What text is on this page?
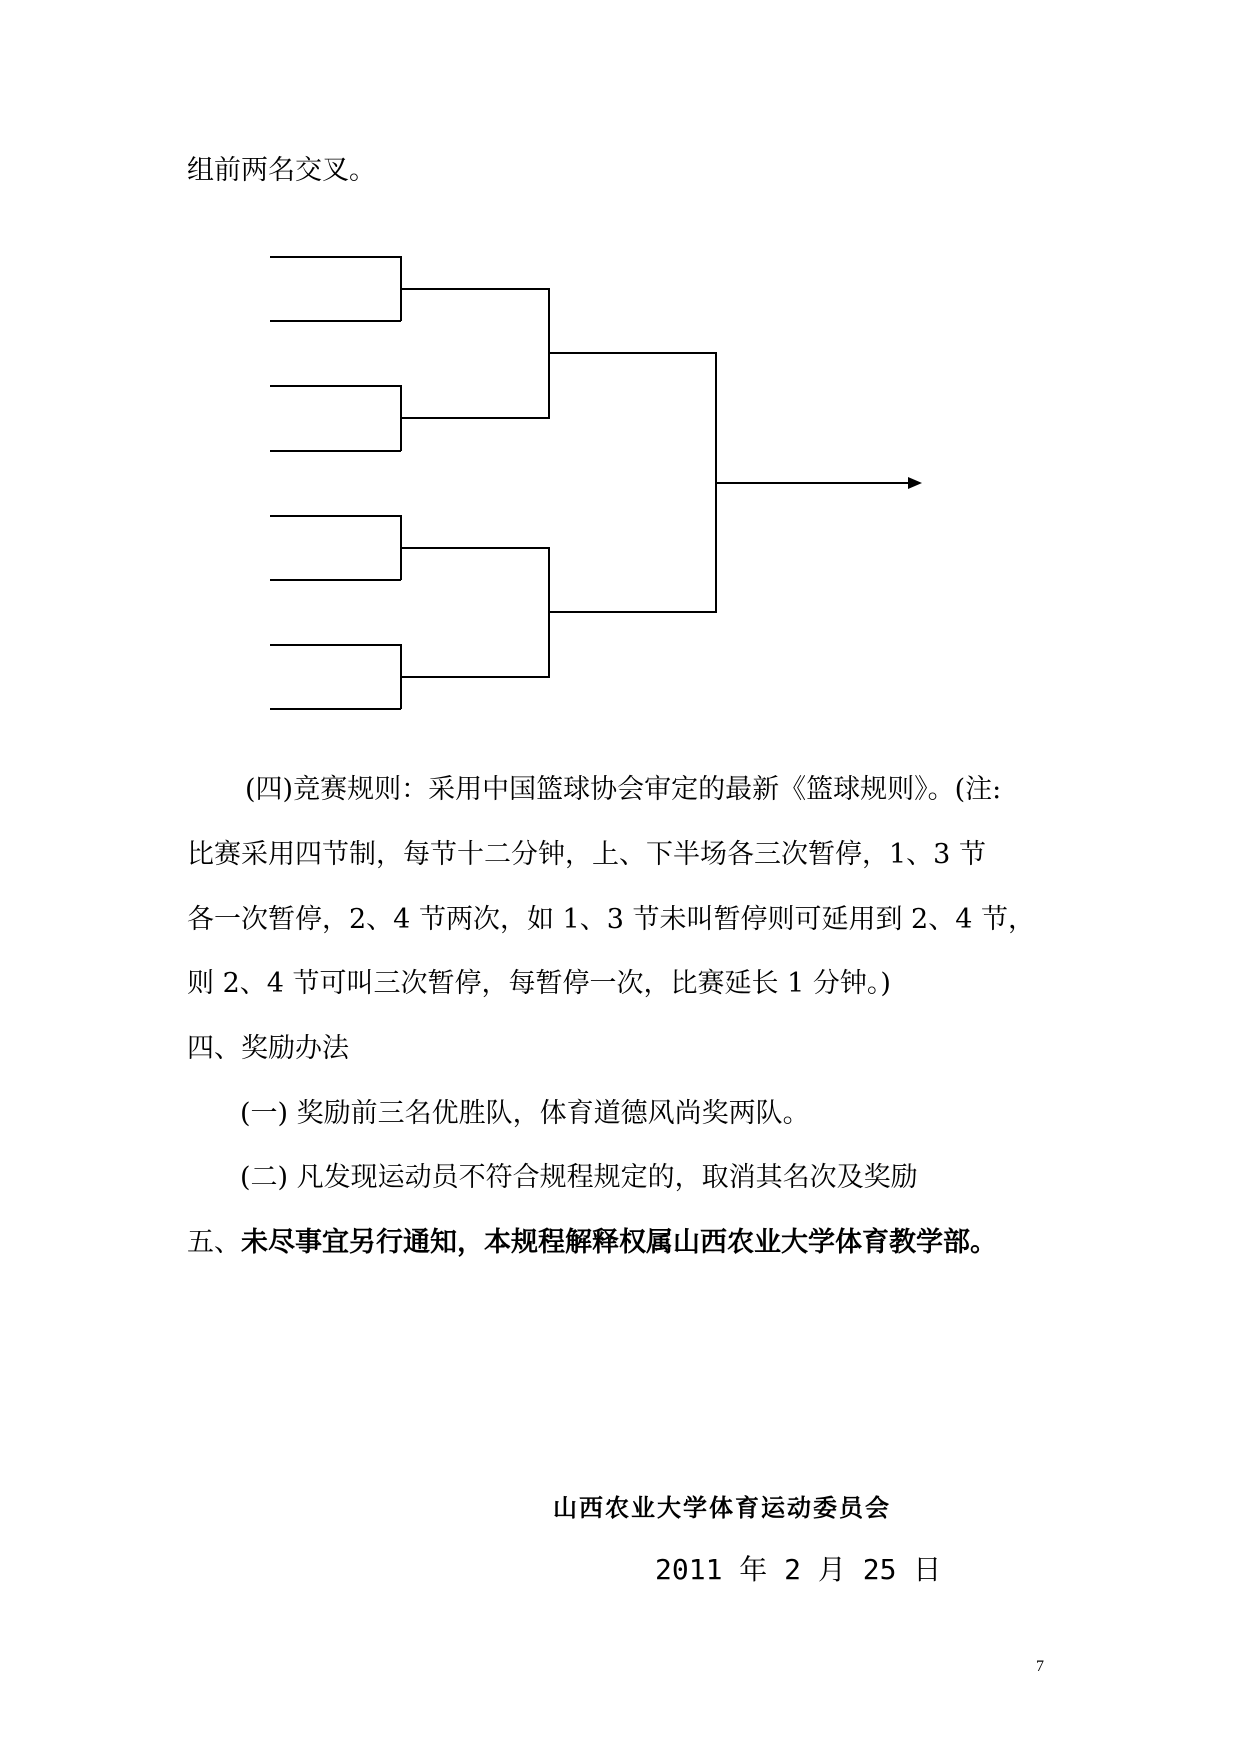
组前两名交叉。
(四)竞赛规则：采用中国篮球协会审定的最新《篮球规则》。(注:
比赛采用四节制，每节十二分钟，上、下半场各三次暂停，1、3 节
各一次暂停，2、4 节两次，如 1、3 节未叫暂停则可延用到 2、4 节，
则 2、4 节可叫三次暂停，每暂停一次，比赛延长 1 分钟。)
四、奖励办法
(一) 奖励前三名优胜队，体育道德风尚奖两队。
(二) 凡发现运动员不符合规程规定的，取消其名次及奖励
五、未尽事宜另行通知，本规程解释权属山西农业大学体育教学部。
山西农业大学体育运动委员会
2011 年 2 月 25 日
7
